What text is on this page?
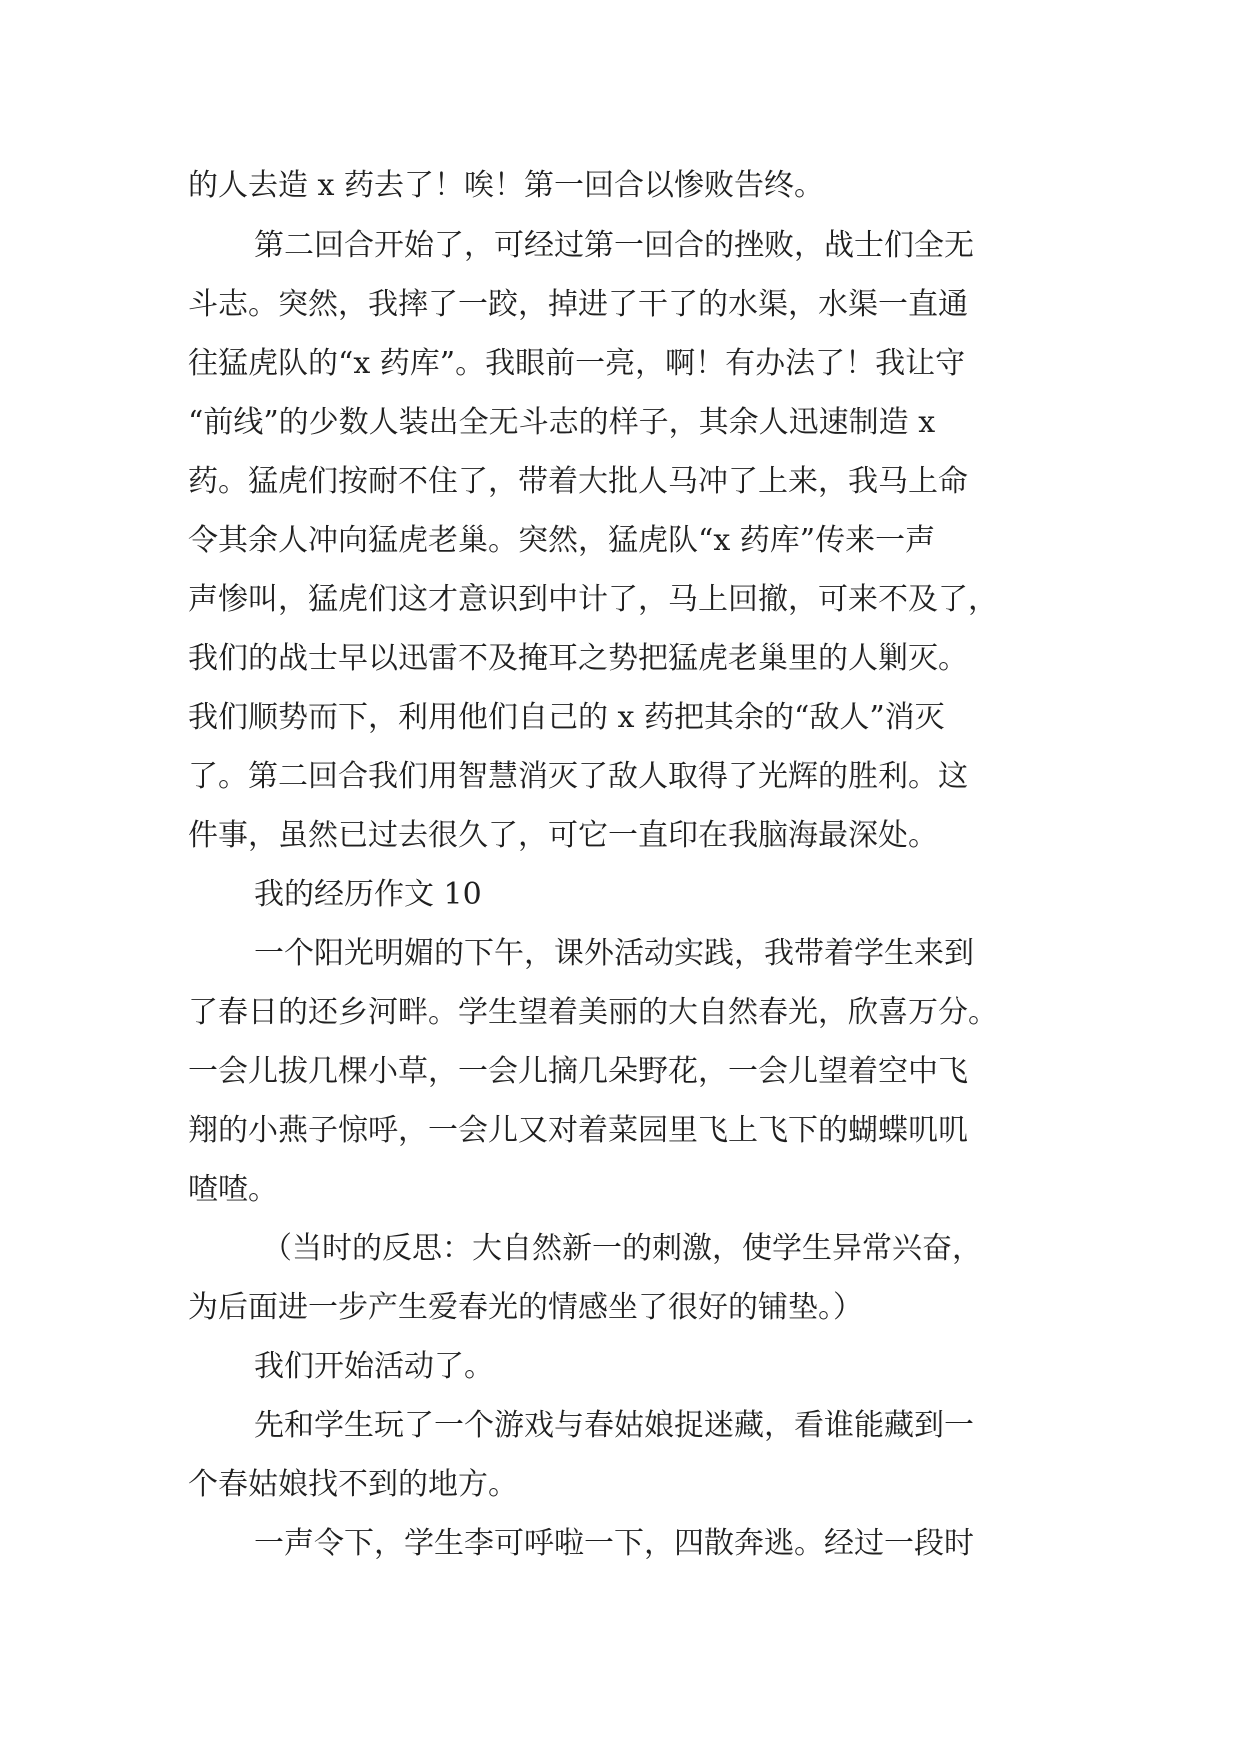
的人去造 x 药去了！唉！第一回合以惨败告终。
第二回合开始了，可经过第一回合的挫败，战士们全无
斗志。突然，我摔了一跤，掉进了干了的水渠，水渠一直通
往猛虎队的“x 药库”。我眼前一亮，啊！有办法了！我让守
“前线”的少数人装出全无斗志的样子，其余人迅速制造 x
药。猛虎们按耐不住了，带着大批人马冲了上来，我马上命
令其余人冲向猛虎老巢。突然，猛虎队“x 药库”传来一声
声惨叫，猛虎们这才意识到中计了，马上回撤，可来不及了，
我们的战士早以迅雷不及掩耳之势把猛虎老巢里的人剿灭。
我们顺势而下，利用他们自己的 x 药把其余的“敌人”消灭
了。第二回合我们用智慧消灭了敌人取得了光辉的胜利。这
件事，虽然已过去很久了，可它一直印在我脑海最深处。
我的经历作文 10
一个阳光明媚的下午，课外活动实践，我带着学生来到
了春日的还乡河畔。学生望着美丽的大自然春光，欣喜万分。
一会儿拔几棵小草，一会儿摘几朵野花，一会儿望着空中飞
翔的小燕子惊呼，一会儿又对着菜园里飞上飞下的蝴蝶叽叽
喳喳。
（当时的反思：大自然新一的刺激，使学生异常兴奋，
为后面进一步产生爱春光的情感坐了很好的铺垫。）
我们开始活动了。
先和学生玩了一个游戏与春姑娘捉迷藏，看谁能藏到一
个春姑娘找不到的地方。
一声令下，学生李可呼啦一下，四散奔逃。经过一段时
